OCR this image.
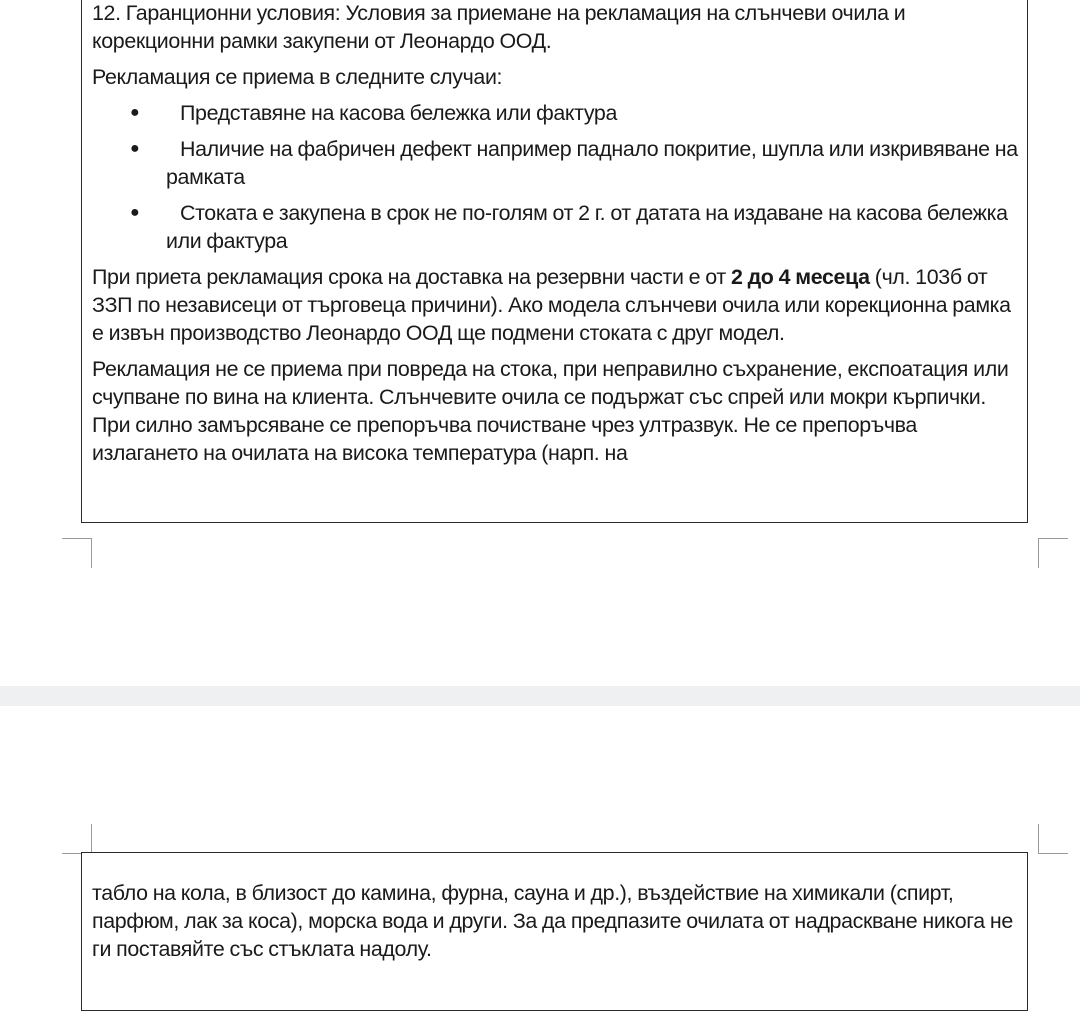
12. Гаранционни условия: Условия за приемане на рекламация на слънчеви очила и корекционни рамки закупени от Леонардо ООД.

Рекламация се приема в следните случаи:

●	Представяне на касова бележка или фактура
●	Наличие на фабричен дефект например паднало покритие, шупла или изкривяване на рамката
●	Стоката е закупена в срок не по-голям от 2 г. от датата на издаване на касова бележка или фактура

При приета рекламация срока на доставка на резервни части е от 2 до 4 месеца (чл. 103б от ЗЗП по независеци от търговеца причини). Ако модела слънчеви очила или корекционна рамка е извън производство Леонардо ООД ще подмени стоката с друг модел.

Рекламация не се приема при повреда на стока, при неправилно съхранение, експоатация или счупване по вина на клиента. Слънчевите очила се подържат със спрей или мокри кърпички. При силно замърсяване се препоръчва почистване чрез ултразвук. Не се препоръчва излагането на очилата на висока температура (нарп. на

табло на кола, в близост до камина, фурна, сауна и др.), въздействие на химикали (спирт, парфюм, лак за коса), морска вода и други. За да предпазите очилата от надраскване никога не ги поставяйте със стъклата надолу.
